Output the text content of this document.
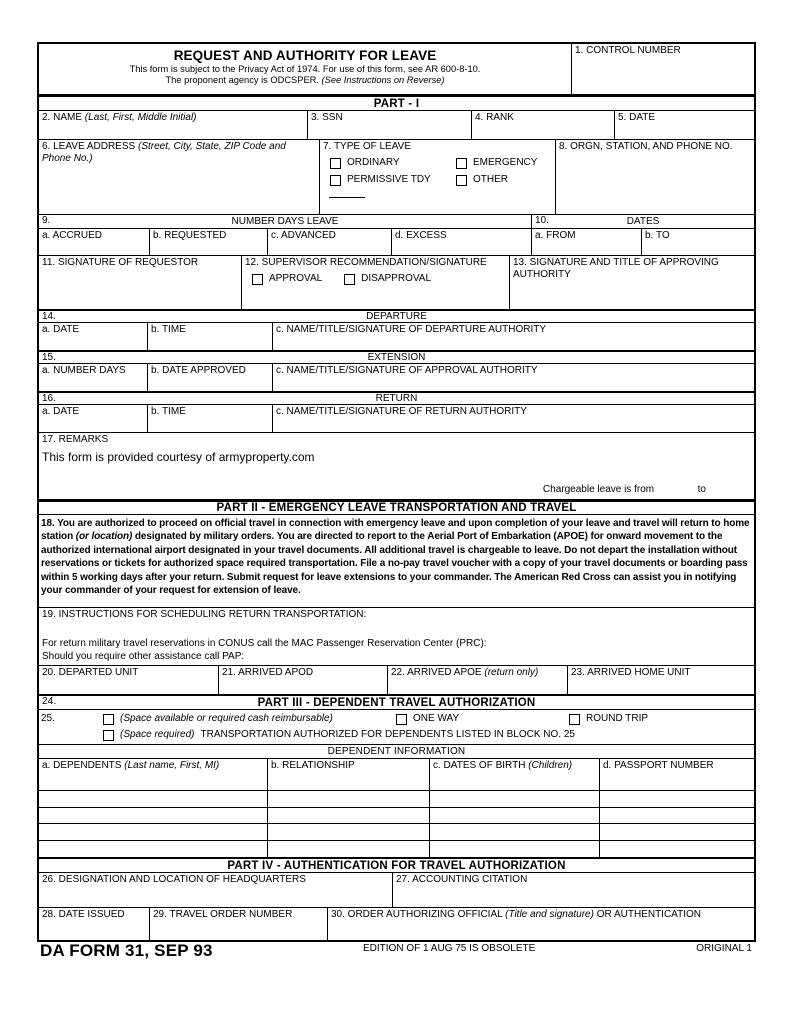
REQUEST AND AUTHORITY FOR LEAVE
This form is subject to the Privacy Act of 1974. For use of this form, see AR 600-8-10.
The proponent agency is ODCSPER. (See Instructions on Reverse)
1. CONTROL NUMBER
PART - I
2. NAME (Last, First, Middle Initial)	3. SSN	4. RANK	5. DATE
6. LEAVE ADDRESS (Street, City, State, ZIP Code and Phone No.)
7. TYPE OF LEAVE
ORDINARY
PERMISSIVE TDY
EMERGENCY
OTHER
8. ORGN, STATION, AND PHONE NO.
9.	NUMBER DAYS LEAVE	10.	DATES
a. ACCRUED	b. REQUESTED	c. ADVANCED	d. EXCESS	a. FROM	b. TO
11. SIGNATURE OF REQUESTOR	12. SUPERVISOR RECOMMENDATION/SIGNATURE
APPROVAL	DISAPPROVAL
13. SIGNATURE AND TITLE OF APPROVING AUTHORITY
14.	DEPARTURE
a. DATE	b. TIME	c. NAME/TITLE/SIGNATURE OF DEPARTURE AUTHORITY
15.	EXTENSION
a. NUMBER DAYS	b. DATE APPROVED	c. NAME/TITLE/SIGNATURE OF APPROVAL AUTHORITY
16.	RETURN
a. DATE	b. TIME	c. NAME/TITLE/SIGNATURE OF RETURN AUTHORITY
17. REMARKS
This form is provided courtesy of armyproperty.com
Chargeable leave is from	to
PART II - EMERGENCY LEAVE TRANSPORTATION AND TRAVEL
18. You are authorized to proceed on official travel in connection with emergency leave and upon completion of your leave and travel will return to home station (or location) designated by military orders. You are directed to report to the Aerial Port of Embarkation (APOE) for onward movement to the authorized international airport designated in your travel documents. All additional travel is chargeable to leave. Do not depart the installation without reservations or tickets for authorized space required transportation. File a no-pay travel voucher with a copy of your travel documents or boarding pass within 5 working days after your return. Submit request for leave extensions to your commander. The American Red Cross can assist you in notifying your commander of your request for extension of leave.
19. INSTRUCTIONS FOR SCHEDULING RETURN TRANSPORTATION:
For return military travel reservations in CONUS call the MAC Passenger Reservation Center (PRC):
Should you require other assistance call PAP:
20. DEPARTED UNIT	21. ARRIVED APOD	22. ARRIVED APOE (return only)	23. ARRIVED HOME UNIT
24.	PART III - DEPENDENT TRAVEL AUTHORIZATION
25.	(Space available or required cash reimbursable)	ONE WAY	ROUND TRIP
(Space required) TRANSPORTATION AUTHORIZED FOR DEPENDENTS LISTED IN BLOCK NO. 25
DEPENDENT INFORMATION
a. DEPENDENTS (Last name, First, MI)	b. RELATIONSHIP	c. DATES OF BIRTH (Children)	d. PASSPORT NUMBER
PART IV - AUTHENTICATION FOR TRAVEL AUTHORIZATION
26. DESIGNATION AND LOCATION OF HEADQUARTERS	27. ACCOUNTING CITATION
28. DATE ISSUED	29. TRAVEL ORDER NUMBER	30. ORDER AUTHORIZING OFFICIAL (Title and signature) OR AUTHENTICATION
DA FORM 31, SEP 93	EDITION OF 1 AUG 75 IS OBSOLETE	ORIGINAL 1
